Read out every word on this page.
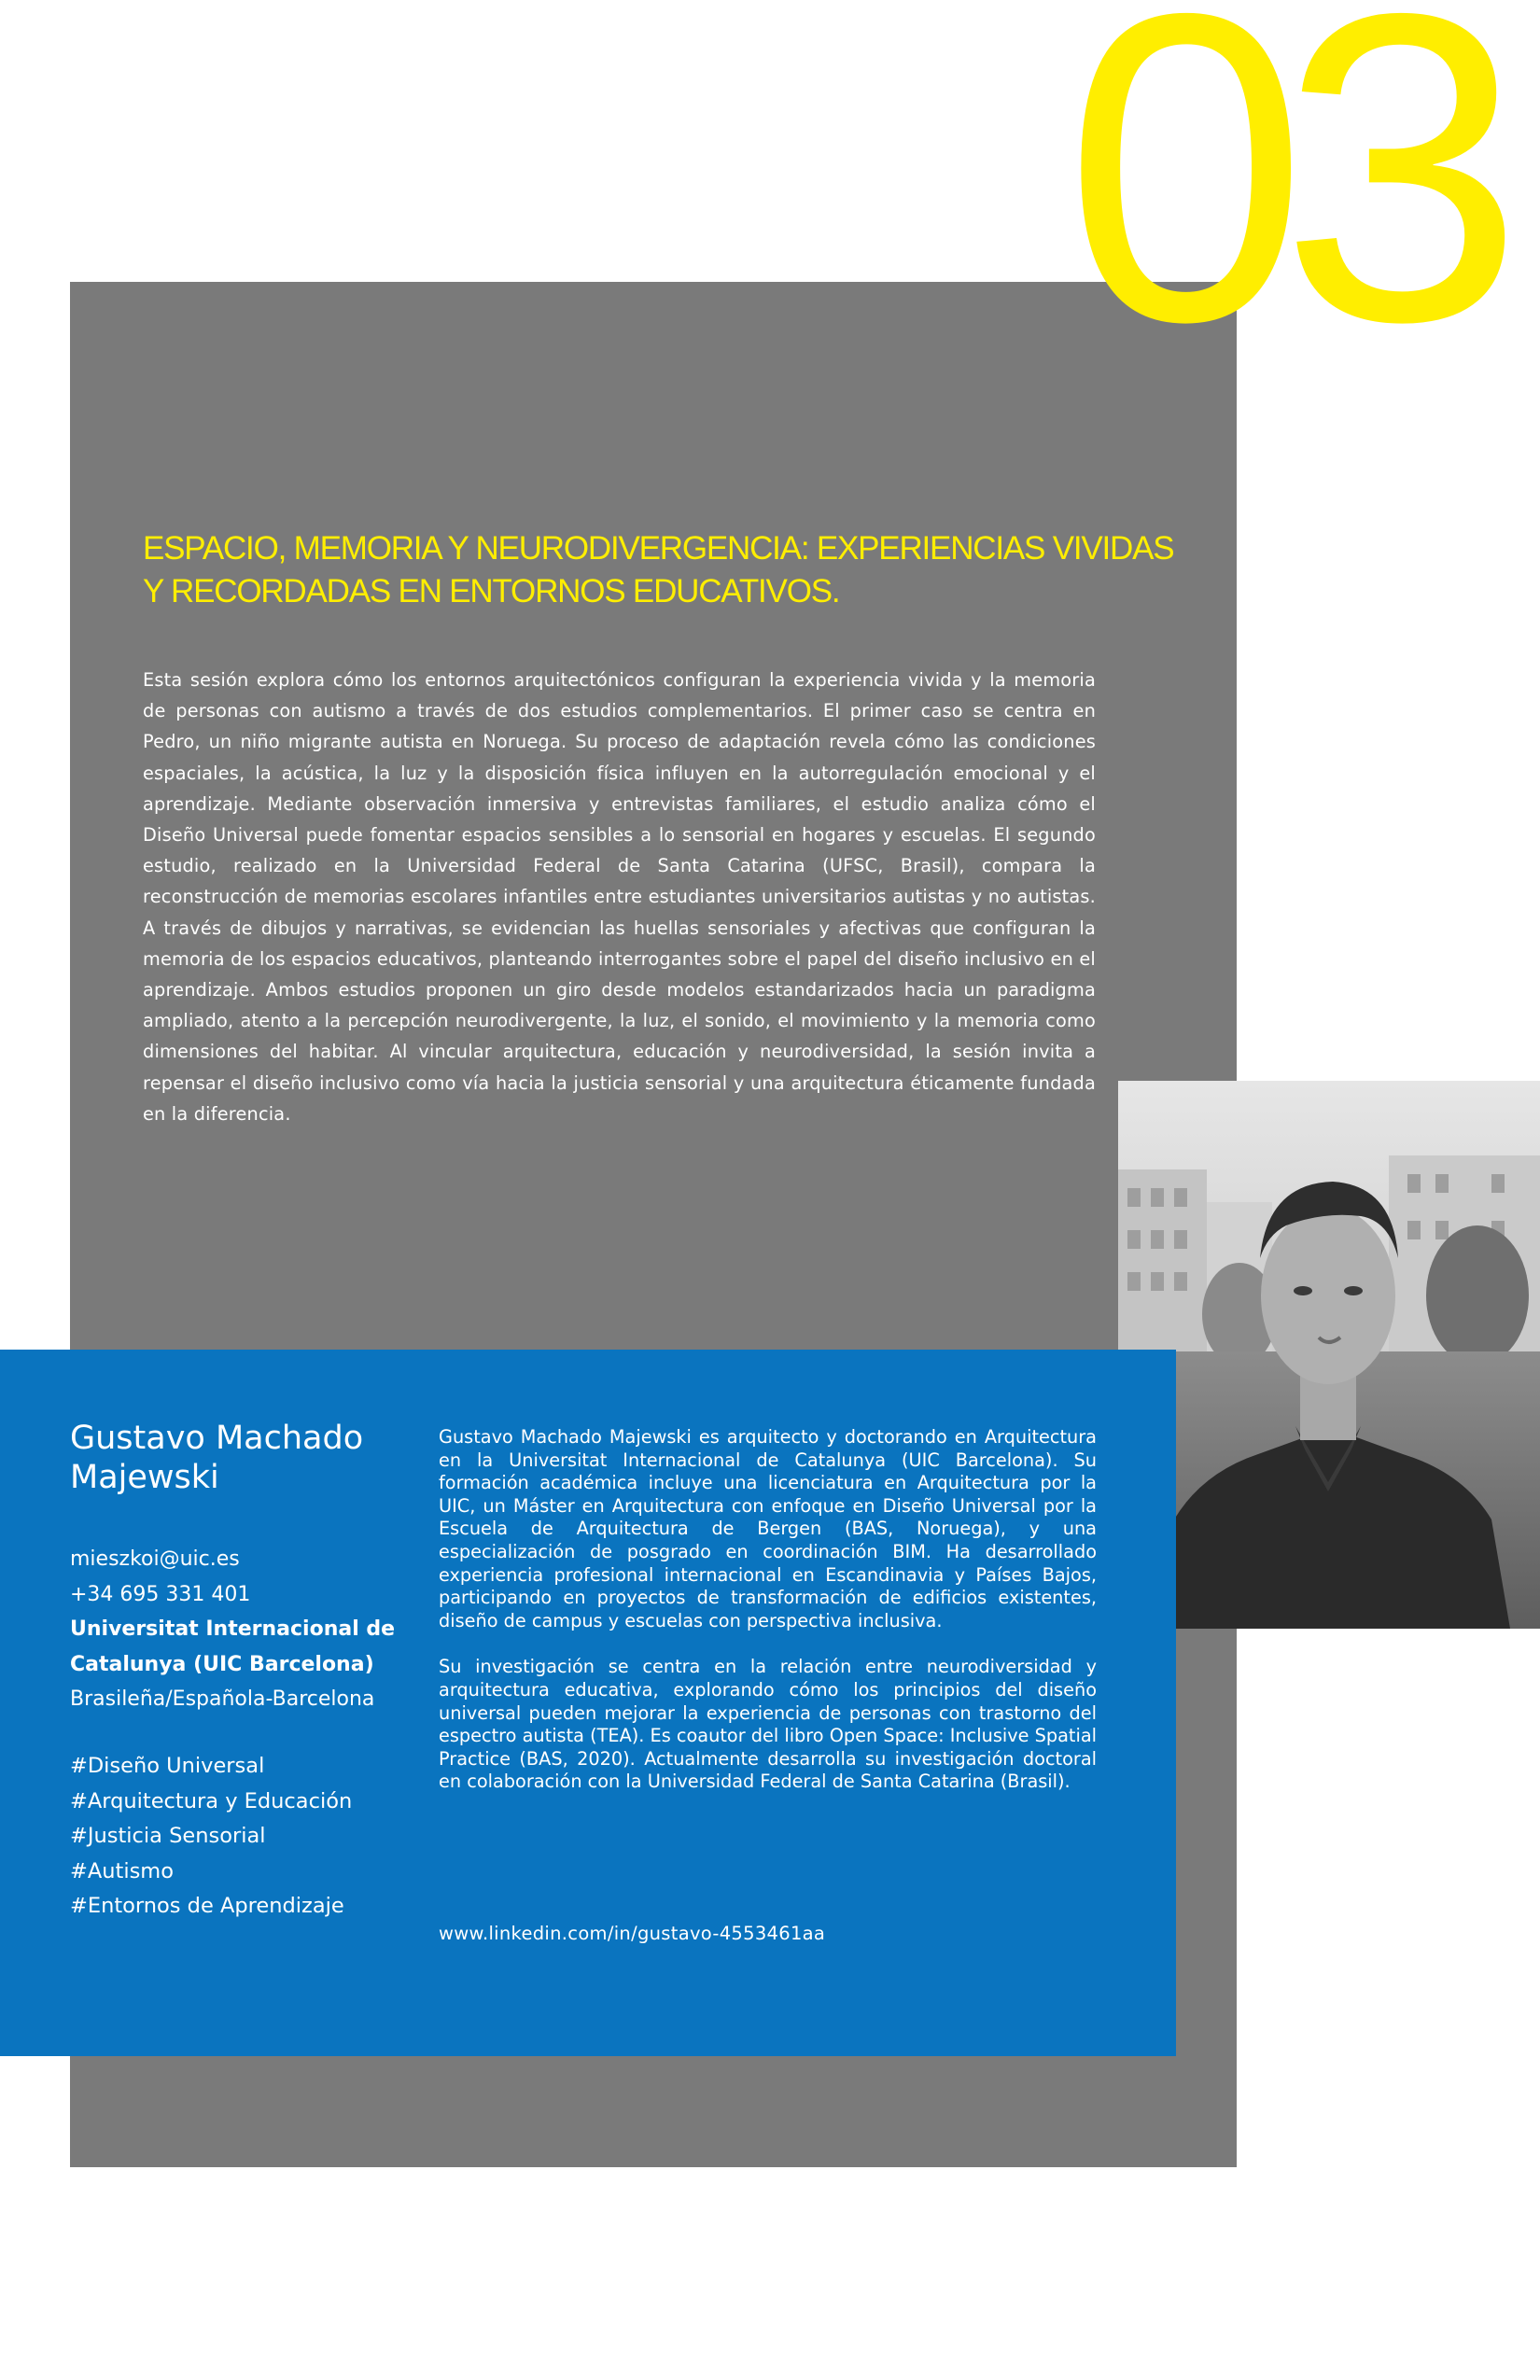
03
ESPACIO, MEMORIA Y NEURODIVERGENCIA: EXPERIENCIAS VIVIDAS Y RECORDADAS EN ENTORNOS EDUCATIVOS.

Esta sesión explora cómo los entornos arquitectónicos configuran la experiencia vivida y la memoria de personas con autismo a través de dos estudios complementarios. El primer caso se centra en Pedro, un niño migrante autista en Noruega. Su proceso de adaptación revela cómo las condiciones espaciales, la acústica, la luz y la disposición física influyen en la autorregulación emocional y el aprendizaje. Mediante observación inmersiva y entrevistas familiares, el estudio analiza cómo el Diseño Universal puede fomentar espacios sensibles a lo sensorial en hogares y escuelas. El segundo estudio, realizado en la Universidad Federal de Santa Catarina (UFSC, Brasil), compara la reconstrucción de memorias escolares infantiles entre estudiantes universitarios autistas y no autistas. A través de dibujos y narrativas, se evidencian las huellas sensoriales y afectivas que configuran la memoria de los espacios educativos, planteando interrogantes sobre el papel del diseño inclusivo en el aprendizaje. Ambos estudios proponen un giro desde modelos estandarizados hacia un paradigma ampliado, atento a la percepción neurodivergente, la luz, el sonido, el movimiento y la memoria como dimensiones del habitar. Al vincular arquitectura, educación y neurodiversidad, la sesión invita a repensar el diseño inclusivo como vía hacia la justicia sensorial y una arquitectura éticamente fundada en la diferencia.

Gustavo Machado Majewski
mieszkoi@uic.es
+34 695 331 401
Universitat Internacional de Catalunya (UIC Barcelona)
Brasileña/Española-Barcelona
#Diseño Universal
#Arquitectura y Educación
#Justicia Sensorial
#Autismo
#Entornos de Aprendizaje

Gustavo Machado Majewski es arquitecto y doctorando en Arquitectura en la Universitat Internacional de Catalunya (UIC Barcelona). Su formación académica incluye una licenciatura en Arquitectura por la UIC, un Máster en Arquitectura con enfoque en Diseño Universal por la Escuela de Arquitectura de Bergen (BAS, Noruega), y una especialización de posgrado en coordinación BIM. Ha desarrollado experiencia profesional internacional en Escandinavia y Países Bajos, participando en proyectos de transformación de edificios existentes, diseño de campus y escuelas con perspectiva inclusiva.

Su investigación se centra en la relación entre neurodiversidad y arquitectura educativa, explorando cómo los principios del diseño universal pueden mejorar la experiencia de personas con trastorno del espectro autista (TEA). Es coautor del libro Open Space: Inclusive Spatial Practice (BAS, 2020). Actualmente desarrolla su investigación doctoral en colaboración con la Universidad Federal de Santa Catarina (Brasil).

www.linkedin.com/in/gustavo-4553461aa
